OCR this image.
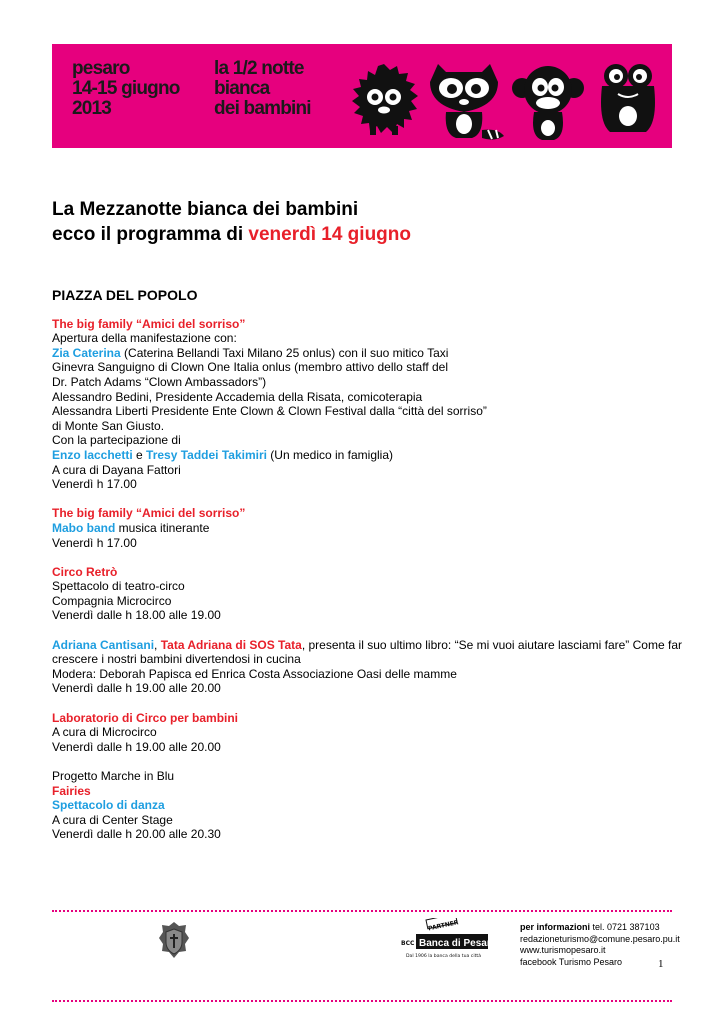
pesaro
14-15 giugno
2013
la 1/2 notte
bianca
dei bambini
La Mezzanotte bianca dei bambini
ecco il programma di venerdì 14 giugno
PIAZZA DEL POPOLO
The big family “Amici del sorriso”
Apertura della manifestazione con:
Zia Caterina (Caterina Bellandi Taxi Milano 25 onlus) con il suo mitico Taxi
Ginevra Sanguigno di Clown One Italia onlus (membro attivo dello staff del
Dr. Patch Adams “Clown Ambassadors”)
Alessandro Bedini, Presidente Accademia della Risata, comicoterapia
Alessandra Liberti Presidente Ente Clown & Clown Festival dalla “città del sorriso”
di Monte San Giusto.
Con la partecipazione di
Enzo Iacchetti e Tresy Taddei Takimiri (Un medico in famiglia)
A cura di Dayana Fattori
Venerdì h 17.00
The big family “Amici del sorriso”
Mabo band musica itinerante
Venerdì h 17.00
Circo Retrò
Spettacolo di teatro-circo
Compagnia Microcirco
Venerdì dalle h 18.00 alle 19.00
Adriana Cantisani, Tata Adriana di SOS Tata, presenta il suo ultimo libro: “Se mi vuoi aiutare lasciami fare” Come far crescere i nostri bambini divertendosi in cucina
Modera: Deborah Papisca ed Enrica Costa Associazione Oasi delle mamme
Venerdì dalle h 19.00 alle 20.00
Laboratorio di Circo per bambini
A cura di Microcirco
Venerdì dalle h 19.00 alle 20.00
Progetto Marche in Blu
Fairies
Spettacolo di danza
A cura di Center Stage
Venerdì dalle h 20.00 alle 20.30
PARTNER
BCC Banca di Pesaro
Dal 1906 la banca della tua città
per informazioni tel. 0721 387103
redazioneturismo@comune.pesaro.pu.it
www.turismopesaro.it
facebook Turismo Pesaro	1
